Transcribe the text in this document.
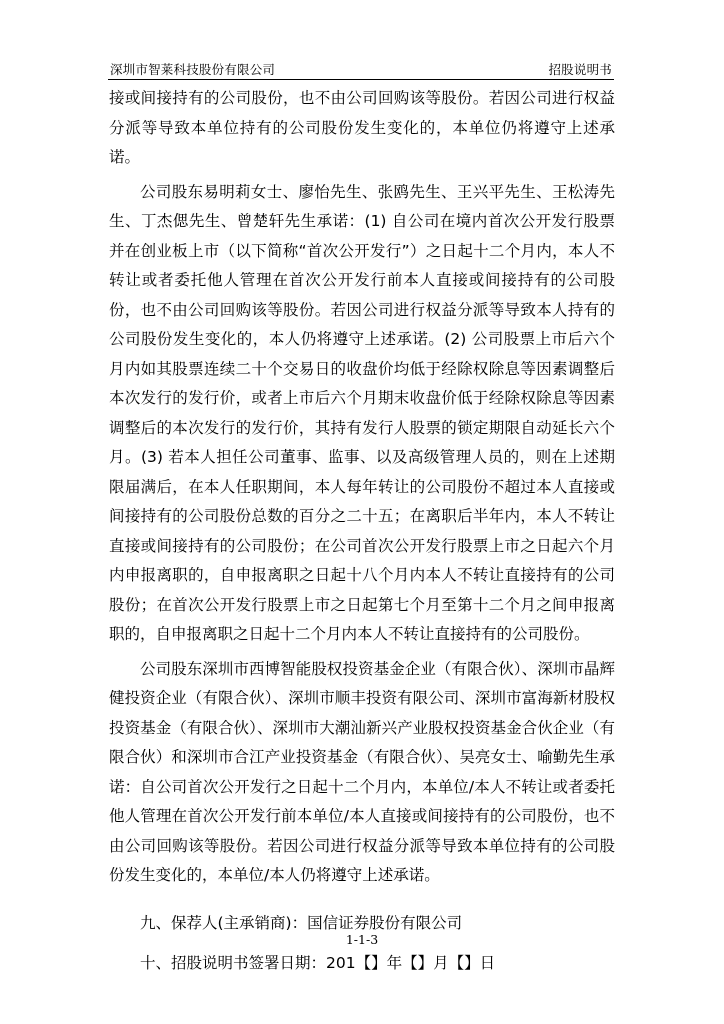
深圳市智莱科技股份有限公司	招股说明书

接或间接持有的公司股份，也不由公司回购该等股份。若因公司进行权益分派等导致本单位持有的公司股份发生变化的，本单位仍将遵守上述承诺。

公司股东易明莉女士、廖怡先生、张鸥先生、王兴平先生、王松涛先生、丁杰偲先生、曾楚轩先生承诺：(1) 自公司在境内首次公开发行股票并在创业板上市（以下简称“首次公开发行”）之日起十二个月内，本人不转让或者委托他人管理在首次公开发行前本人直接或间接持有的公司股份，也不由公司回购该等股份。若因公司进行权益分派等导致本人持有的公司股份发生变化的，本人仍将遵守上述承诺。(2) 公司股票上市后六个月内如其股票连续二十个交易日的收盘价均低于经除权除息等因素调整后本次发行的发行价，或者上市后六个月期末收盘价低于经除权除息等因素调整后的本次发行的发行价，其持有发行人股票的锁定期限自动延长六个月。(3) 若本人担任公司董事、监事、以及高级管理人员的，则在上述期限届满后，在本人任职期间，本人每年转让的公司股份不超过本人直接或间接持有的公司股份总数的百分之二十五；在离职后半年内，本人不转让直接或间接持有的公司股份；在公司首次公开发行股票上市之日起六个月内申报离职的，自申报离职之日起十八个月内本人不转让直接持有的公司股份；在首次公开发行股票上市之日起第七个月至第十二个月之间申报离职的，自申报离职之日起十二个月内本人不转让直接持有的公司股份。

公司股东深圳市西博智能股权投资基金企业（有限合伙）、深圳市晶辉健投资企业（有限合伙）、深圳市顺丰投资有限公司、深圳市富海新材股权投资基金（有限合伙）、深圳市大潮汕新兴产业股权投资基金合伙企业（有限合伙）和深圳市合江产业投资基金（有限合伙）、吴亮女士、喻勤先生承诺：自公司首次公开发行之日起十二个月内，本单位/本人不转让或者委托他人管理在首次公开发行前本单位/本人直接或间接持有的公司股份，也不由公司回购该等股份。若因公司进行权益分派等导致本单位持有的公司股份发生变化的，本单位/本人仍将遵守上述承诺。

九、保荐人(主承销商)：国信证券股份有限公司

十、招股说明书签署日期：201【】年【】月【】日

1-1-3
